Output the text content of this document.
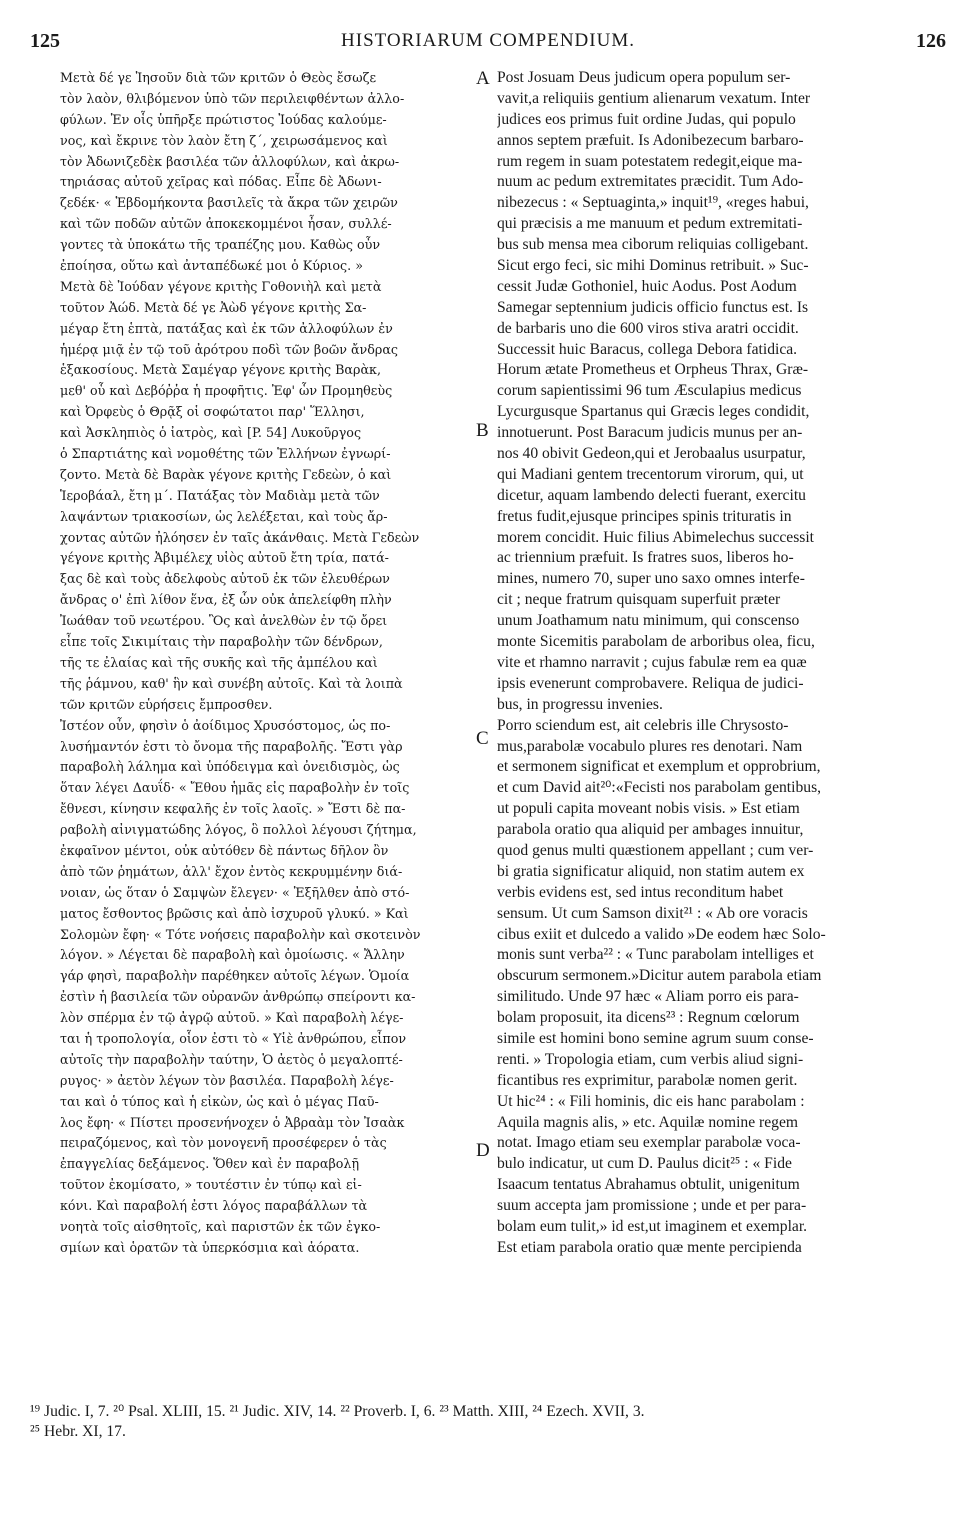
125	HISTORIARUM COMPENDIUM.	126
Μετὰ δέ γε Ἰησοῦν διὰ τῶν κριτῶν ὁ Θεὸς ἔσωζε
τὸν λαὸν, θλιβόμενον ὑπὸ τῶν περιλειφθέντων ἀλλο-
φύλων. Ἐν οἷς ὑπῆρξε πρώτιστος Ἰούδας καλούμε-
νος, καὶ ἔκρινε τὸν λαὸν ἔτη ζ΄, χειρωσάμενος καὶ
τὸν Ἀδωνιζεδὲκ βασιλέα τῶν ἀλλοφύλων, καὶ ἀκρω-
τηριάσας αὐτοῦ χεῖρας καὶ πόδας. Εἶπε δὲ Ἀδωνι-
ζεδέκ· « Ἑβδομήκοντα βασιλεῖς τὰ ἄκρα τῶν χειρῶν
καὶ τῶν ποδῶν αὐτῶν ἀποκεκομμένοι ἦσαν, συλλέ-
γοντες τὰ ὑποκάτω τῆς τραπέζης μου. Καθὼς οὖν
ἐποίησα, οὕτω καὶ ἀνταπέδωκέ μοι ὁ Κύριος. »
Μετὰ δὲ Ἰούδαν γέγονε κριτὴς Γοθονιὴλ καὶ μετὰ
τοῦτον Ἀώδ. Μετὰ δέ γε Ἀὼδ γέγονε κριτὴς Σα-
μέγαρ ἔτη ἑπτὰ, πατάξας καὶ ἐκ τῶν ἀλλοφύλων ἐν
ἡμέρᾳ μιᾷ ἐν τῷ τοῦ ἀρότρου ποδὶ τῶν βοῶν ἄνδρας
ἑξακοσίους. Μετὰ Σαμέγαρ γέγονε κριτὴς Βαρὰκ,
μεθ' οὗ καὶ Δεβόῤῥα ἡ προφῆτις. Ἐφ' ὧν Προμηθεὺς
καὶ Ὀρφεὺς ὁ Θρᾷξ οἱ σοφώτατοι παρ' Ἕλλησι,
καὶ Ἀσκληπιὸς ὁ ἰατρὸς, καὶ [P. 54] Λυκοῦργος
ὁ Σπαρτιάτης καὶ νομοθέτης τῶν Ἑλλήνων ἐγνωρί-
ζοντο. Μετὰ δὲ Βαρὰκ γέγονε κριτὴς Γεδεὼν, ὁ καὶ
Ἱεροβάαλ, ἔτη μ΄. Πατάξας τὸν Μαδιὰμ μετὰ τῶν
λαψάντων τριακοσίων, ὡς λελέξεται, καὶ τοὺς ἄρ-
χοντας αὐτῶν ἠλόησεν ἐν ταῖς ἀκάνθαις. Μετὰ Γεδεὼν
γέγονε κριτὴς Ἀβιμέλεχ υἱὸς αὐτοῦ ἔτη τρία, πατά-
ξας δὲ καὶ τοὺς ἀδελφοὺς αὐτοῦ ἐκ τῶν ἐλευθέρων
ἄνδρας ο' ἐπὶ λίθον ἕνα, ἐξ ὧν οὐκ ἀπελείφθη πλὴν
Ἰωάθαν τοῦ νεωτέρου. Ὃς καὶ ἀνελθὼν ἐν τῷ ὄρει
εἶπε τοῖς Σικιμίταις τὴν παραβολὴν τῶν δένδρων,
τῆς τε ἐλαίας καὶ τῆς συκῆς καὶ τῆς ἀμπέλου καὶ
τῆς ῥάμνου, καθ' ἣν καὶ συνέβη αὐτοῖς. Καὶ τὰ λοιπὰ
τῶν κριτῶν εὑρήσεις ἔμπροσθεν.
Ἰστέον οὖν, φησὶν ὁ ἀοίδιμος Χρυσόστομος, ὡς πο-
λυσήμαντόν ἐστι τὸ ὄνομα τῆς παραβολῆς. Ἔστι γὰρ
παραβολὴ λάλημα καὶ ὑπόδειγμα καὶ ὀνειδισμὸς, ὡς
ὅταν λέγει Δαυΐδ· « Ἔθου ἡμᾶς εἰς παραβολὴν ἐν τοῖς
ἔθνεσι, κίνησιν κεφαλῆς ἐν τοῖς λαοῖς. » Ἔστι δὲ πα-
ραβολὴ αἰνιγματώδης λόγος, ὃ πολλοὶ λέγουσι ζήτημα,
ἐκφαῖνον μέντοι, οὐκ αὐτόθεν δὲ πάντως δῆλον ὂν
ἀπὸ τῶν ῥημάτων, ἀλλ' ἔχον ἐντὸς κεκρυμμένην διά-
νοιαν, ὡς ὅταν ὁ Σαμψὼν ἔλεγεν· « Ἐξῆλθεν ἀπὸ στό-
ματος ἔσθοντος βρῶσις καὶ ἀπὸ ἰσχυροῦ γλυκύ. » Καὶ
Σολομὼν ἔφη· « Τότε νοήσεις παραβολὴν καὶ σκοτεινὸν
λόγον. » Λέγεται δὲ παραβολὴ καὶ ὁμοίωσις. « Ἄλλην
γάρ φησὶ, παραβολὴν παρέθηκεν αὐτοῖς λέγων. Ὁμοία
ἐστὶν ἡ βασιλεία τῶν οὐρανῶν ἀνθρώπῳ σπείροντι κα-
λὸν σπέρμα ἐν τῷ ἀγρῷ αὐτοῦ. » Καὶ παραβολὴ λέγε-
ται ἡ τροπολογία, οἷον ἐστι τὸ « Υἱὲ ἀνθρώπου, εἶπον
αὐτοῖς τὴν παραβολὴν ταύτην, Ὁ ἀετὸς ὁ μεγαλοπτέ-
ρυγος· » ἀετὸν λέγων τὸν βασιλέα. Παραβολὴ λέγε-
ται καὶ ὁ τύπος καὶ ἡ εἰκὼν, ὡς καὶ ὁ μέγας Παῦ-
λος ἔφη· « Πίστει προσενήνοχεν ὁ Ἀβραὰμ τὸν Ἰσαὰκ
πειραζόμενος, καὶ τὸν μονογενῆ προσέφερεν ὁ τὰς
ἐπαγγελίας δεξάμενος. Ὅθεν καὶ ἐν παραβολῇ
τοῦτον ἐκομίσατο, » τουτέστιν ἐν τύπῳ καὶ εἰ-
κόνι. Καὶ παραβολή ἐστι λόγος παραβάλλων τὰ
νοητὰ τοῖς αἰσθητοῖς, καὶ παριστῶν ἐκ τῶν ἐγκο-
σμίων καὶ ὁρατῶν τὰ ὑπερκόσμια καὶ ἀόρατα.
Post Josuam Deus judicum opera populum ser-
vavit,a reliquiis gentium alienarum vexatum. Inter
judices eos primus fuit ordine Judas, qui populo
annos septem præfuit. Is Adonibezecum barbaro-
rum regem in suam potestatem redegit,eique ma-
nuum ac pedum extremitates præcidit. Tum Ado-
nibezecus : « Septuaginta,» inquit¹⁹, «reges habui,
qui præcisis a me manuum et pedum extremitati-
bus sub mensa mea ciborum reliquias colligebant.
Sicut ergo feci, sic mihi Dominus retribuit. » Suc-
cessit Judæ Gothoniel, huic Aodus. Post Aodum
Samegar septennium judicis officio functus est. Is
de barbaris uno die 600 viros stiva aratri occidit.
Successit huic Baracus, collega Debora fatidica.
Horum ætate Prometheus et Orpheus Thrax, Græ-
corum sapientissimi 96 tum Æsculapius medicus
Lycurgusque Spartanus qui Græcis leges condidit,
innotuerunt. Post Baracum judicis munus per an-
nos 40 obivit Gedeon,qui et Jerobaalus usurpatur,
qui Madiani gentem trecentorum virorum, qui, ut
dicetur, aquam lambendo delecti fuerant, exercitu
fretus fudit,ejusque principes spinis trituratis in
morem concidit. Huic filius Abimelechus successit
ac triennium præfuit. Is fratres suos, liberos ho-
mines, numero 70, super uno saxo omnes interfe-
cit ; neque fratrum quisquam superfuit præter
unum Joathamum natu minimum, qui conscenso
monte Sicemitis parabolam de arboribus olea, ficu,
vite et rhamno narravit ; cujus fabulæ rem ea quæ
ipsis evenerunt comprobavere. Reliqua de judici-
bus, in progressu invenies.
Porro sciendum est, ait celebris ille Chrysosto-
mus,parabolæ vocabulo plures res denotari. Nam
et sermonem significat et exemplum et opprobrium,
et cum David ait²⁰:«Fecisti nos parabolam gentibus,
ut populi capita moveant nobis visis. » Est etiam
parabola oratio qua aliquid per ambages innuitur,
quod genus multi quæstionem appellant ; cum ver-
bi gratia significatur aliquid, non statim autem ex
verbis evidens est, sed intus reconditum habet
sensum. Ut cum Samson dixit²¹ : « Ab ore voracis
cibus exiit et dulcedo a valido »De eodem hæc Solo-
monis sunt verba²² : « Tunc parabolam intelliges et
obscurum sermonem.»Dicitur autem parabola etiam
similitudo. Unde 97 hæc « Aliam porro eis para-
bolam proposuit, ita dicens²³ : Regnum cœlorum
simile est homini bono semine agrum suum conse-
renti. » Tropologia etiam, cum verbis aliud signi-
ficantibus res exprimitur, parabolæ nomen gerit.
Ut hic²⁴ : « Fili hominis, dic eis hanc parabolam :
Aquila magnis alis, » etc. Aquilæ nomine regem
notat. Imago etiam seu exemplar parabolæ voca-
bulo indicatur, ut cum D. Paulus dicit²⁵ : « Fide
Isaacum tentatus Abrahamus obtulit, unigenitum
suum accepta jam promissione ; unde et per para-
bolam eum tulit,» id est,ut imaginem et exemplar.
Est etiam parabola oratio quæ mente percipienda
A
B
C
D
¹⁹ Judic. I, 7. ²⁰ Psal. XLIII, 15. ²¹ Judic. XIV, 14. ²² Proverb. I, 6. ²³ Matth. XIII, ²⁴ Ezech. XVII, 3.
²⁵ Hebr. XI, 17.
